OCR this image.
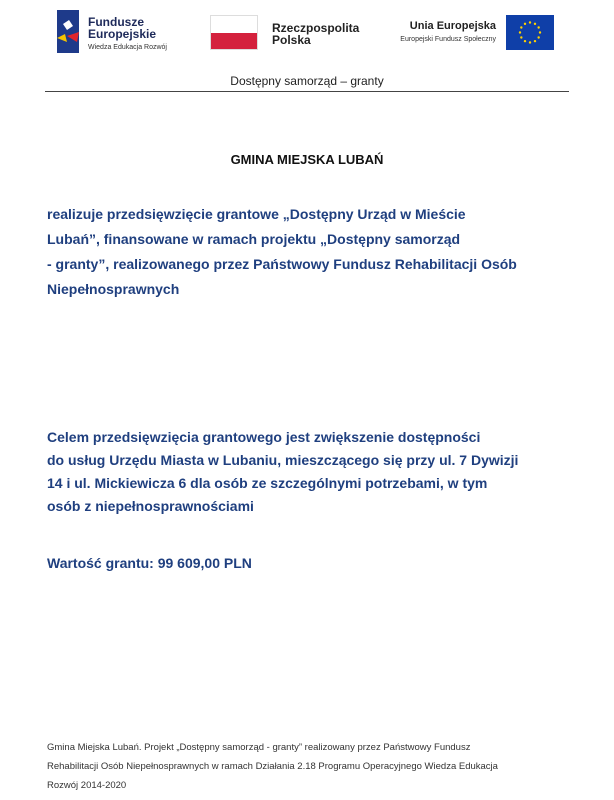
Fundusze
Europejskie
Wiedza Edukacja Rozwój
Rzeczpospolita
Polska
Unia Europejska
Europejski Fundusz Społeczny
Dostępny samorząd – granty
GMINA MIEJSKA LUBAŃ
realizuje przedsięwzięcie grantowe „Dostępny Urząd w Mieście
Lubań”, finansowane w ramach projektu „Dostępny samorząd
- granty”, realizowanego przez Państwowy Fundusz Rehabilitacji Osób
Niepełnosprawnych
Celem przedsięwzięcia grantowego jest zwiększenie dostępności
do usług Urzędu Miasta w Lubaniu, mieszczącego się przy ul. 7 Dywizji
14 i ul. Mickiewicza 6 dla osób ze szczególnymi potrzebami, w tym
osób z niepełnosprawnościami
Wartość grantu: 99 609,00 PLN
Gmina Miejska Lubań. Projekt „Dostępny samorząd - granty” realizowany przez Państwowy Fundusz
Rehabilitacji Osób Niepełnosprawnych w ramach Działania 2.18 Programu Operacyjnego Wiedza Edukacja
Rozwój 2014-2020
